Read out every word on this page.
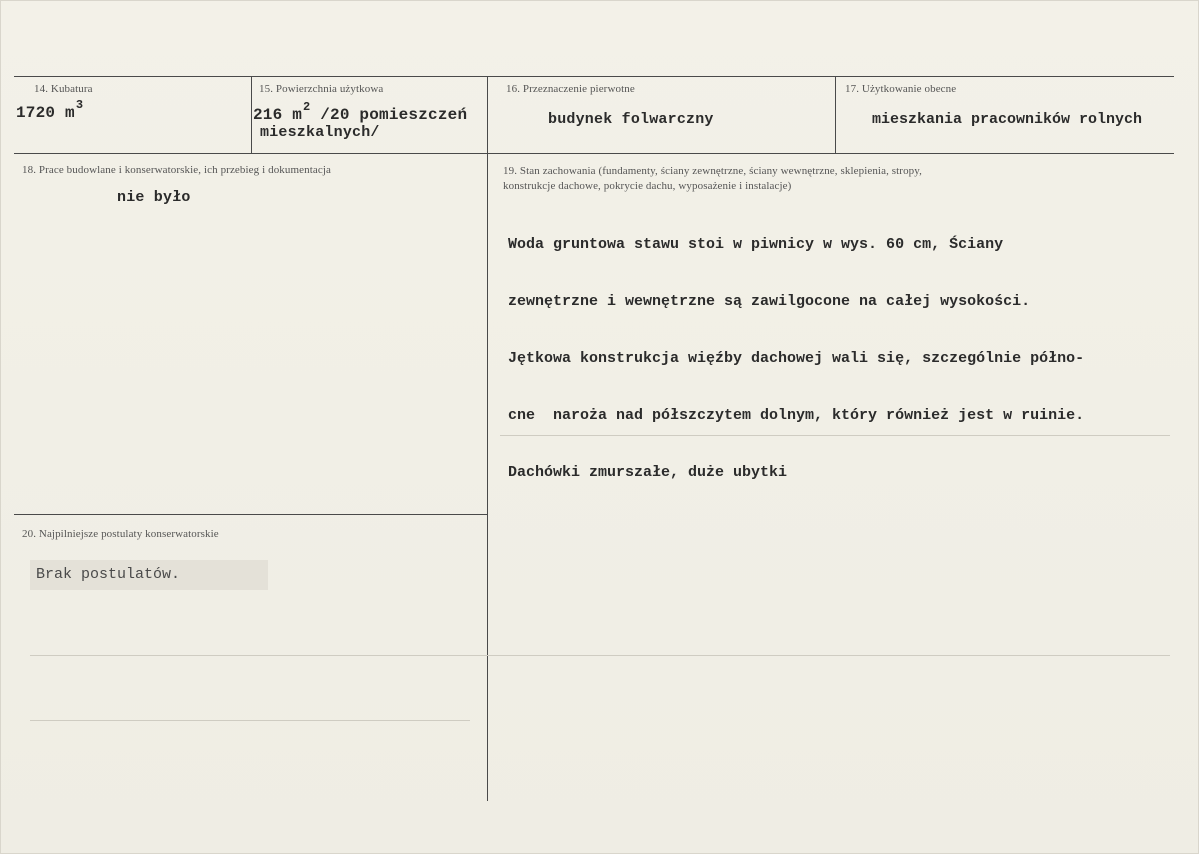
14. Kubatura
1720 $m^3$
15. Powierzchnia użytkowa
216 $m^2$ /20 pomieszczeń
mieszkalnych/
16. Przeznaczenie pierwotne
budynek folwarczny
17. Użytkowanie obecne
mieszkania pracowników rolnych
18. Prace budowlane i konserwatorskie, ich przebieg i dokumentacja
nie było
19. Stan zachowania (fundamenty, ściany zewnętrzne, ściany wewnętrzne, sklepienia, stropy,
konstrukcje dachowe, pokrycie dachu, wyposażenie i instalacje)

Woda gruntowa stawu stoi w piwnicy w wys. 60 cm, Ściany

zewnętrzne i wewnętrzne są zawilgocone na całej wysokości.

Jętkowa konstrukcja więźby dachowej wali się, szczególnie półno-

cne  naroża nad półszczytem dolnym, który również jest w ruinie.

Dachówki zmurszałe, duże ubytki

20. Najpilniejsze postulaty konserwatorskie
Brak postulatów.
